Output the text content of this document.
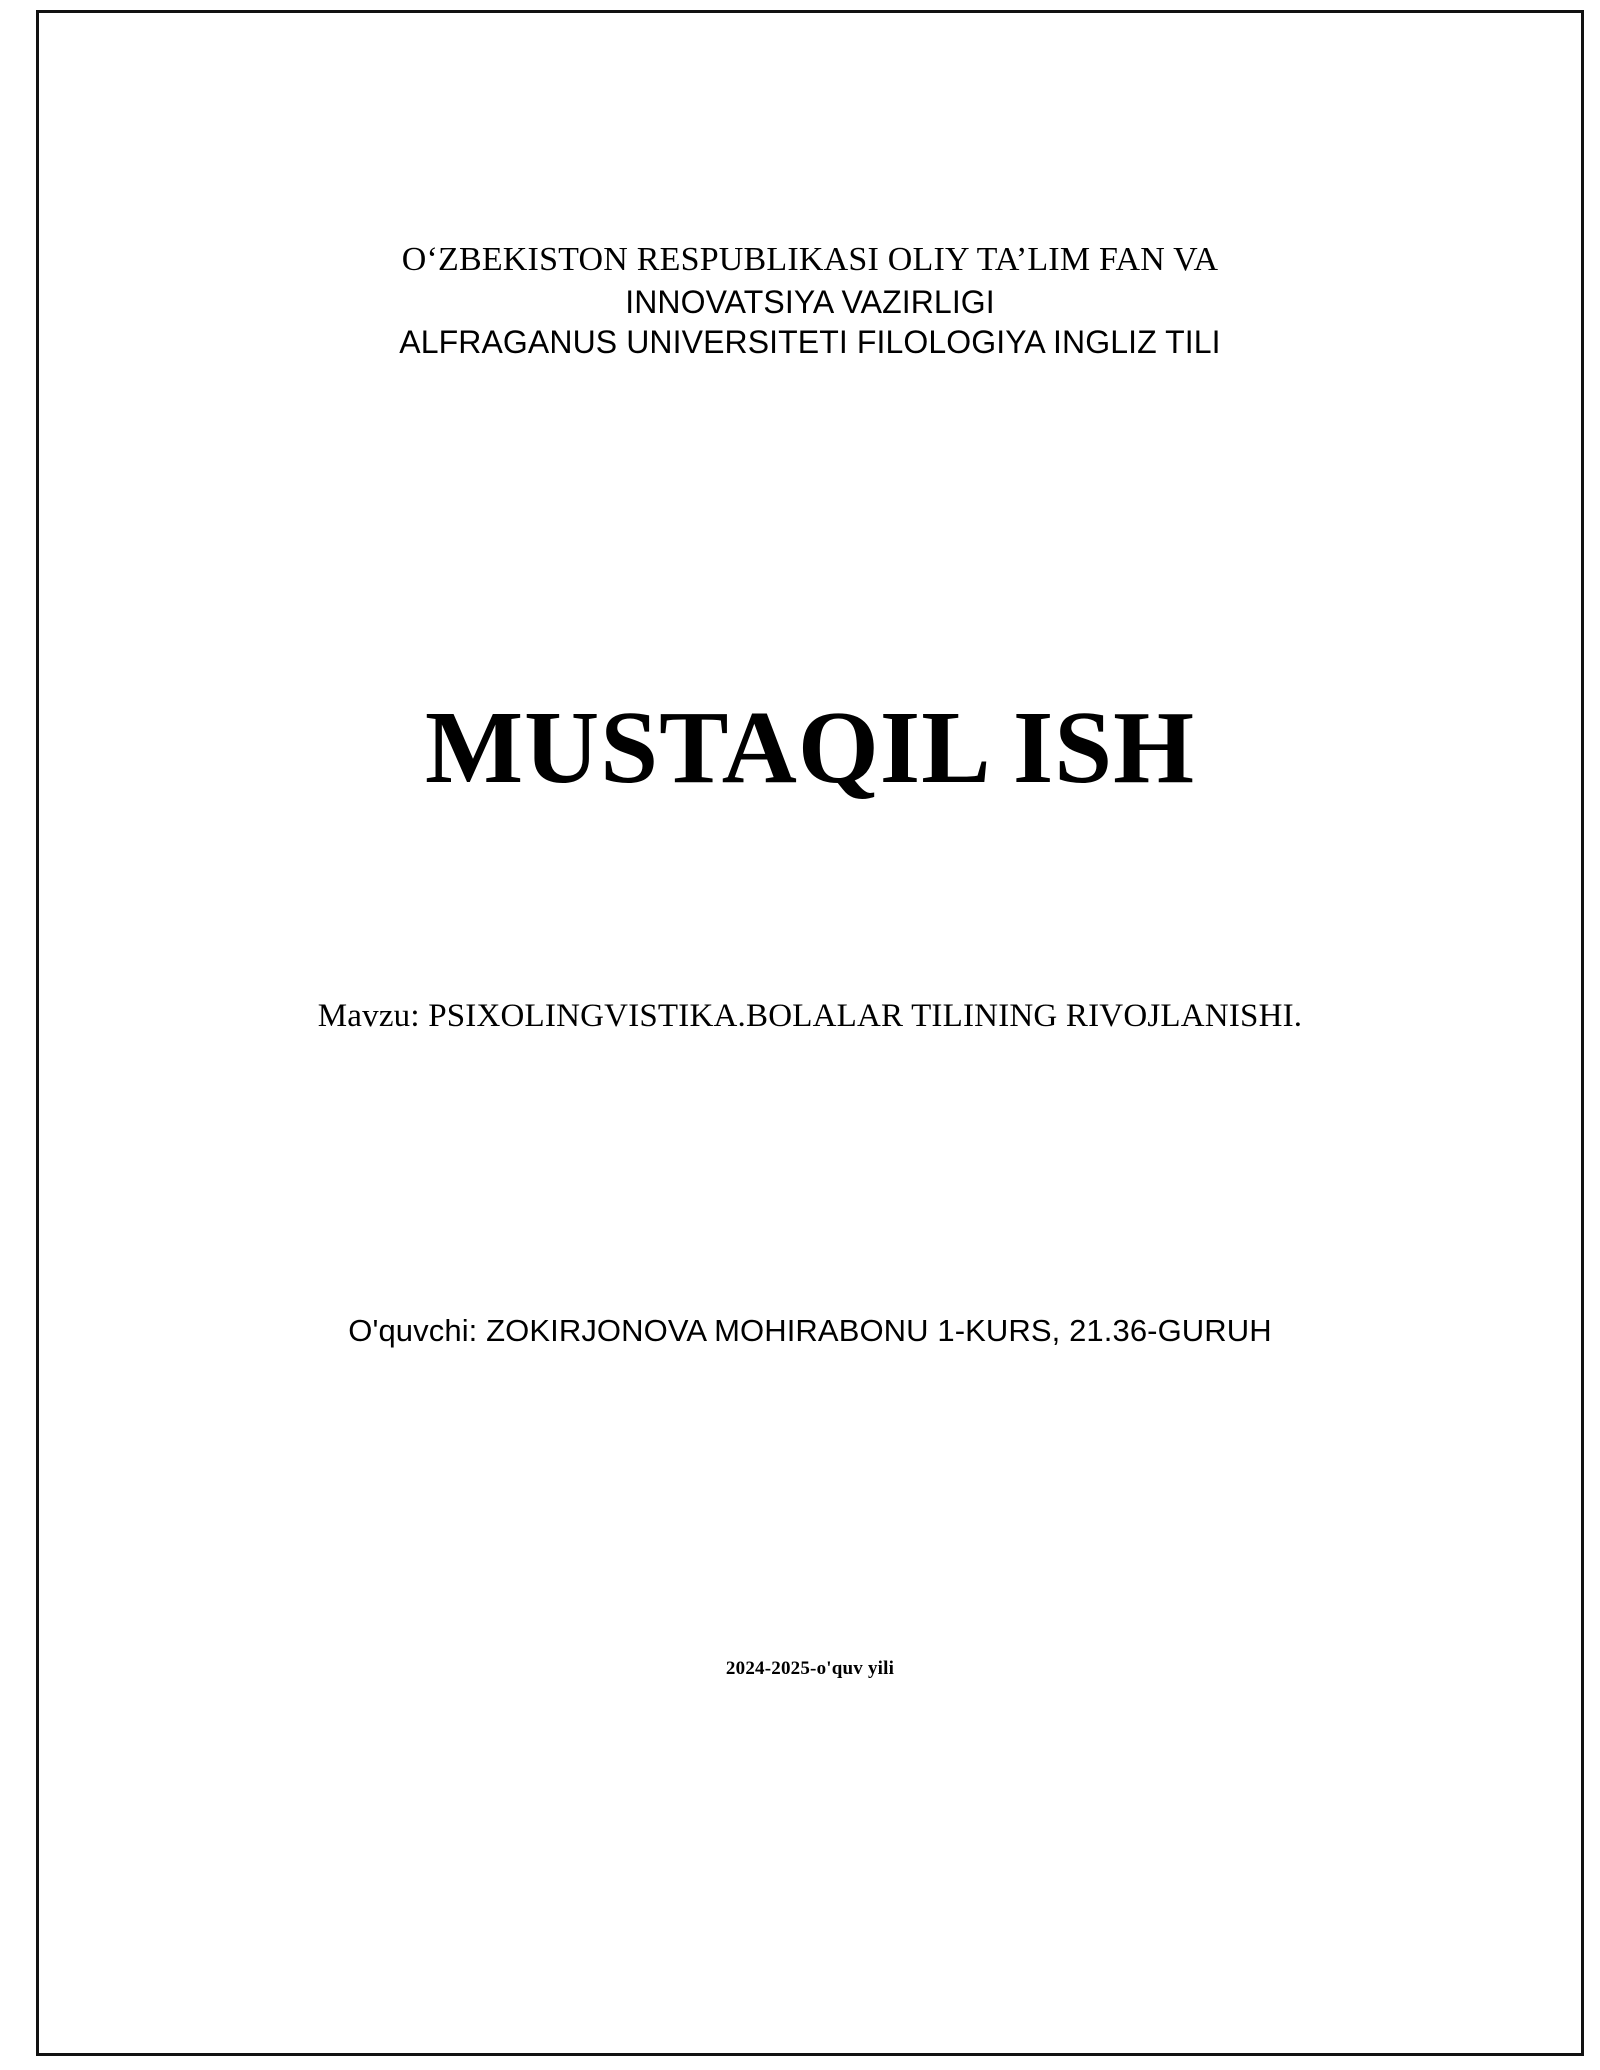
O‘ZBEKISTON RESPUBLIKASI OLIY TA’LIM FAN VA
INNOVATSIYA VAZIRLIGI
ALFRAGANUS UNIVERSITETI FILOLOGIYA INGLIZ TILI
MUSTAQIL ISH
Mavzu: PSIXOLINGVISTIKA.BOLALAR TILINING RIVOJLANISHI.
O'quvchi: ZOKIRJONOVA MOHIRABONU 1-KURS, 21.36-GURUH
2024-2025-o'quv yili
